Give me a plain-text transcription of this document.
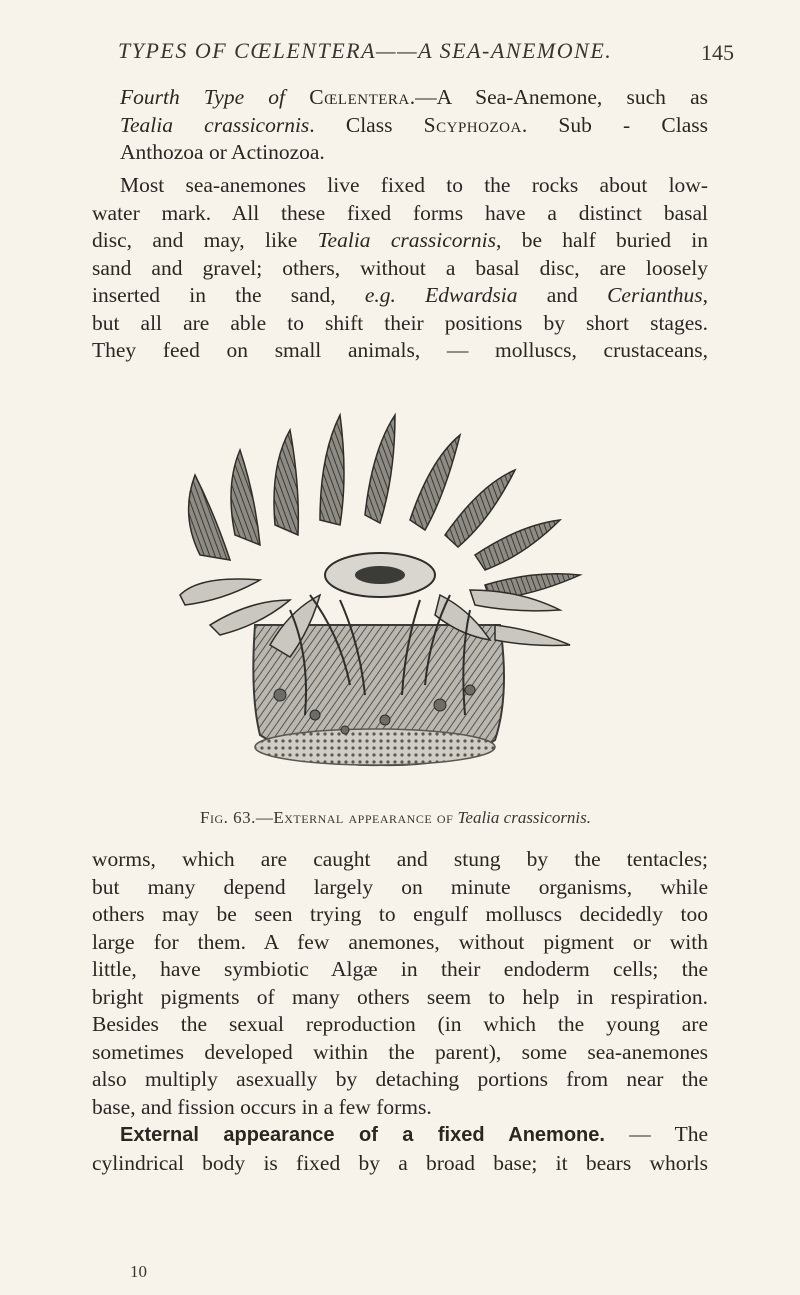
TYPES OF CŒLENTERA——A SEA-ANEMONE.	145
Fourth Type of Cœlentera.—A Sea-Anemone, such as
Tealia crassicornis. Class Scyphozoa. Sub - Class
Anthozoa or Actinozoa.
Most sea-anemones live fixed to the rocks about low-
water mark. All these fixed forms have a distinct basal
disc, and may, like Tealia crassicornis, be half buried in
sand and gravel; others, without a basal disc, are loosely
inserted in the sand, e.g. Edwardsia and Cerianthus,
but all are able to shift their positions by short stages.
They feed on small animals, — molluscs, crustaceans,
Fig. 63.—External appearance of Tealia crassicornis.
worms, which are caught and stung by the tentacles;
but many depend largely on minute organisms, while
others may be seen trying to engulf molluscs decidedly too
large for them. A few anemones, without pigment or with
little, have symbiotic Algæ in their endoderm cells; the
bright pigments of many others seem to help in respiration.
Besides the sexual reproduction (in which the young are
sometimes developed within the parent), some sea-anemones
also multiply asexually by detaching portions from near the
base, and fission occurs in a few forms.
External appearance of a fixed Anemone. — The
cylindrical body is fixed by a broad base; it bears whorls
10
